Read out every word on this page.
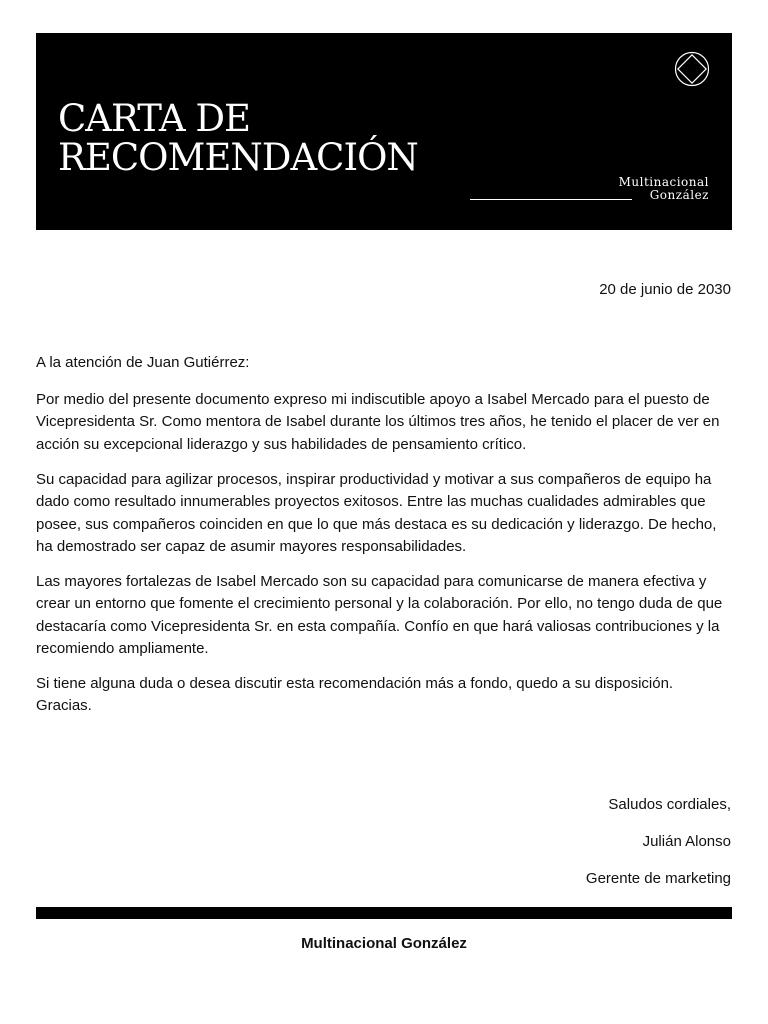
CARTA DE
RECOMENDACIÓN
Multinacional
González
20 de junio de 2030
A la atención de Juan Gutiérrez:

Por medio del presente documento expreso mi indiscutible apoyo a Isabel Mercado para el puesto de Vicepresidenta Sr. Como mentora de Isabel durante los últimos tres años, he tenido el placer de ver en acción su excepcional liderazgo y sus habilidades de pensamiento crítico.

Su capacidad para agilizar procesos, inspirar productividad y motivar a sus compañeros de equipo ha dado como resultado innumerables proyectos exitosos. Entre las muchas cualidades admirables que posee, sus compañeros coinciden en que lo que más destaca es su dedicación y liderazgo. De hecho, ha demostrado ser capaz de asumir mayores responsabilidades.

Las mayores fortalezas de Isabel Mercado son su capacidad para comunicarse de manera efectiva y crear un entorno que fomente el crecimiento personal y la colaboración. Por ello, no tengo duda de que destacaría como Vicepresidenta Sr. en esta compañía. Confío en que hará valiosas contribuciones y la recomiendo ampliamente.

Si tiene alguna duda o desea discutir esta recomendación más a fondo, quedo a su disposición. Gracias.

Saludos cordiales,
Julián Alonso
Gerente de marketing
Multinacional González
